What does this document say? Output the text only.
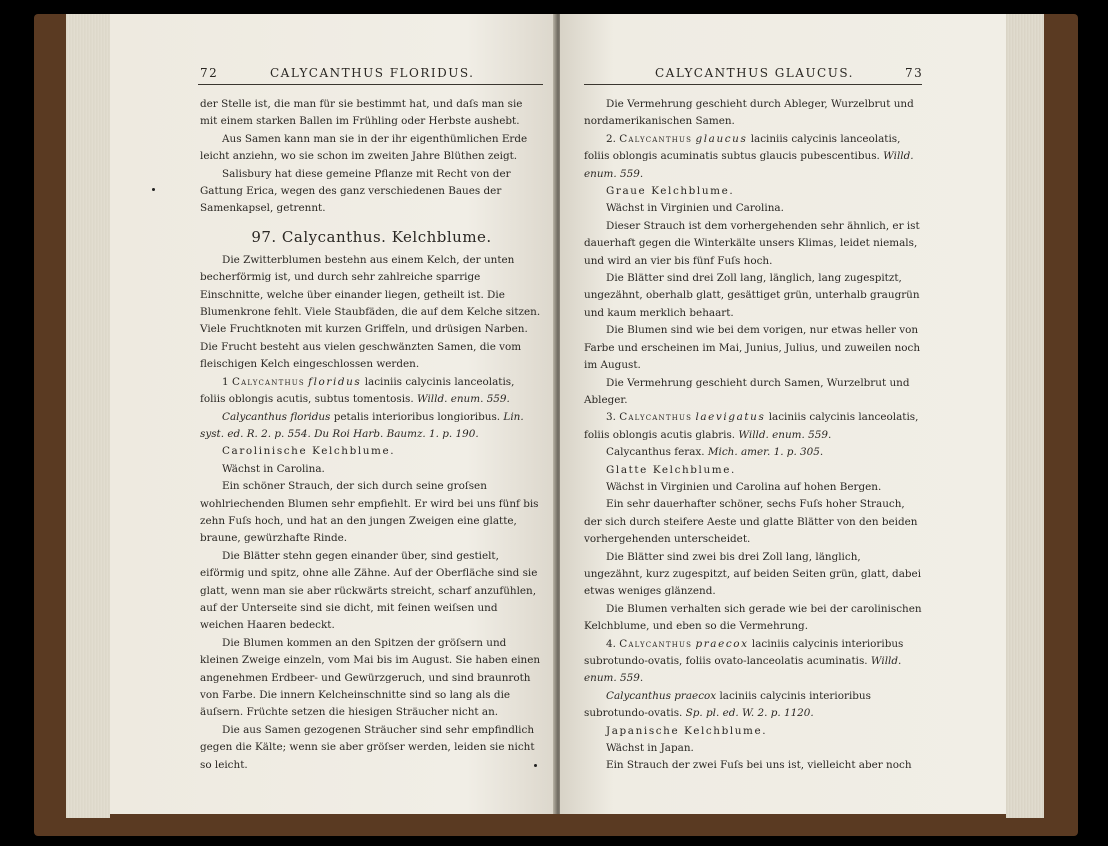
72	CALYCANTHUS FLORIDUS.

der Stelle ist, die man für sie bestimmt hat, und daſs man sie mit einem starken Ballen im Frühling oder Herbste aushebt.

Aus Samen kann man sie in der ihr eigenthümlichen Erde leicht anziehn, wo sie schon im zweiten Jahre Blüthen zeigt.

Salisbury hat diese gemeine Pflanze mit Recht von der Gattung Erica, wegen des ganz verschiedenen Baues der Samenkapsel, getrennt.

97. Calycanthus. Kelchblume.

Die Zwitterblumen bestehn aus einem Kelch, der unten becherförmig ist, und durch sehr zahlreiche sparrige Einschnitte, welche über einander liegen, getheilt ist. Die Blumenkrone fehlt. Viele Staubfäden, die auf dem Kelche sitzen. Viele Fruchtknoten mit kurzen Griffeln, und drüsigen Narben. Die Frucht besteht aus vielen geschwänzten Samen, die vom fleischigen Kelch eingeschlossen werden.

1 Calycanthus floridus laciniis calycinis lanceolatis, foliis oblongis acutis, subtus tomentosis. Willd. enum. 559.

Calycanthus floridus petalis interioribus longioribus. Lin. syst. ed. R. 2. p. 554. Du Roi Harb. Baumz. 1. p. 190.

Carolinische Kelchblume.

Wächst in Carolina.

Ein schöner Strauch, der sich durch seine groſsen wohlriechenden Blumen sehr empfiehlt. Er wird bei uns fünf bis zehn Fuſs hoch, und hat an den jungen Zweigen eine glatte, braune, gewürzhafte Rinde.

Die Blätter stehn gegen einander über, sind gestielt, eiförmig und spitz, ohne alle Zähne. Auf der Oberfläche sind sie glatt, wenn man sie aber rückwärts streicht, scharf anzufühlen, auf der Unterseite sind sie dicht, mit feinen weiſsen und weichen Haaren bedeckt.

Die Blumen kommen an den Spitzen der gröſsern und kleinen Zweige einzeln, vom Mai bis im August. Sie haben einen angenehmen Erdbeer- und Gewürzgeruch, und sind braunroth von Farbe. Die innern Kelcheinschnitte sind so lang als die äuſsern. Früchte setzen die hiesigen Sträucher nicht an.

Die aus Samen gezogenen Sträucher sind sehr empfindlich gegen die Kälte; wenn sie aber gröſser werden, leiden sie nicht so leicht.

CALYCANTHUS GLAUCUS.	73

Die Vermehrung geschieht durch Ableger, Wurzelbrut und nordamerikanischen Samen.

2. Calycanthus glaucus laciniis calycinis lanceolatis, foliis oblongis acuminatis subtus glaucis pubescentibus. Willd. enum. 559.

Graue Kelchblume.

Wächst in Virginien und Carolina.

Dieser Strauch ist dem vorhergehenden sehr ähnlich, er ist dauerhaft gegen die Winterkälte unsers Klimas, leidet niemals, und wird an vier bis fünf Fuſs hoch.

Die Blätter sind drei Zoll lang, länglich, lang zugespitzt, ungezähnt, oberhalb glatt, gesättiget grün, unterhalb graugrün und kaum merklich behaart.

Die Blumen sind wie bei dem vorigen, nur etwas heller von Farbe und erscheinen im Mai, Junius, Julius, und zuweilen noch im August.

Die Vermehrung geschieht durch Samen, Wurzelbrut und Ableger.

3. Calycanthus laevigatus laciniis calycinis lanceolatis, foliis oblongis acutis glabris. Willd. enum. 559.

Calycanthus ferax. Mich. amer. 1. p. 305.

Glatte Kelchblume.

Wächst in Virginien und Carolina auf hohen Bergen.

Ein sehr dauerhafter schöner, sechs Fuſs hoher Strauch, der sich durch steifere Aeste und glatte Blätter von den beiden vorhergehenden unterscheidet.

Die Blätter sind zwei bis drei Zoll lang, länglich, ungezähnt, kurz zugespitzt, auf beiden Seiten grün, glatt, dabei etwas weniges glänzend.

Die Blumen verhalten sich gerade wie bei der carolinischen Kelchblume, und eben so die Vermehrung.

4. Calycanthus praecox laciniis calycinis interioribus subrotundo-ovatis, foliis ovato-lanceolatis acuminatis. Willd. enum. 559.

Calycanthus praecox laciniis calycinis interioribus subrotundo-ovatis. Sp. pl. ed. W. 2. p. 1120.

Japanische Kelchblume.

Wächst in Japan.

Ein Strauch der zwei Fuſs bei uns ist, vielleicht aber noch
